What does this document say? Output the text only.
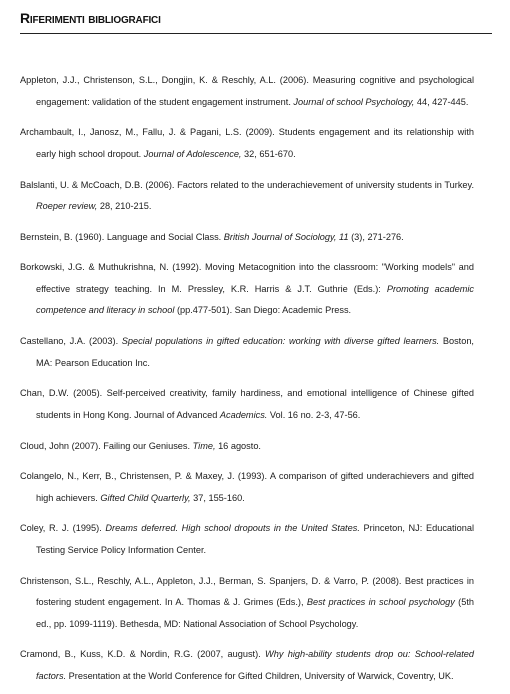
Riferimenti bibliografici

Appleton, J.J., Christenson, S.L., Dongjin, K. & Reschly, A.L. (2006). Measuring cognitive and psychological engagement: validation of the student engagement instrument. Journal of school Psychology, 44, 427-445.

Archambault, I., Janosz, M., Fallu, J. & Pagani, L.S. (2009). Students engagement and its relationship with early high school dropout. Journal of Adolescence, 32, 651-670.

Balslanti, U. & McCoach, D.B. (2006). Factors related to the underachievement of university students in Turkey. Roeper review, 28, 210-215.

Bernstein, B. (1960). Language and Social Class. British Journal of Sociology, 11 (3), 271-276.

Borkowski, J.G. & Muthukrishna, N. (1992). Moving Metacognition into the classroom: "Working models" and effective strategy teaching. In M. Pressley, K.R. Harris & J.T. Guthrie (Eds.): Promoting academic competence and literacy in school (pp.477-501). San Diego: Academic Press.

Castellano, J.A. (2003). Special populations in gifted education: working with diverse gifted learners. Boston, MA: Pearson Education Inc.

Chan, D.W. (2005). Self-perceived creativity, family hardiness, and emotional intelligence of Chinese gifted students in Hong Kong. Journal of Advanced Academics. Vol. 16 no. 2-3, 47-56.

Cloud, John (2007). Failing our Geniuses. Time, 16 agosto.

Colangelo, N., Kerr, B., Christensen, P. & Maxey, J. (1993). A comparison of gifted underachievers and gifted high achievers. Gifted Child Quarterly, 37, 155-160.

Coley, R. J. (1995). Dreams deferred. High school dropouts in the United States. Princeton, NJ: Educational Testing Service Policy Information Center.

Christenson, S.L., Reschly, A.L., Appleton, J.J., Berman, S. Spanjers, D. & Varro, P. (2008). Best practices in fostering student engagement. In A. Thomas & J. Grimes (Eds.), Best practices in school psychology (5th ed., pp. 1099-1119). Bethesda, MD: National Association of School Psychology.

Cramond, B., Kuss, K.D. & Nordin, R.G. (2007, august). Why high-ability students drop ou: School-related factors. Presentation at the World Conference for Gifted Children, University of Warwick, Coventry, UK.
